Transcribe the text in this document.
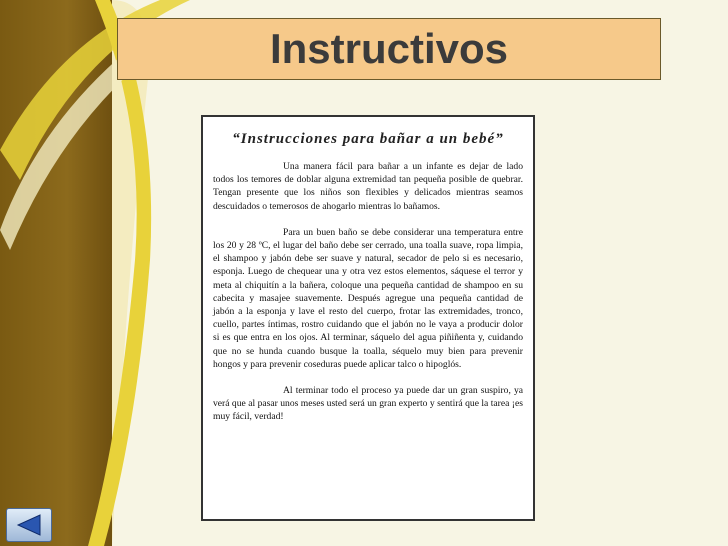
Instructivos
“Instrucciones para bañar a un bebé”

Una manera fácil para bañar a un infante es dejar de lado todos los temores de doblar alguna extremidad tan pequeña posible de quebrar. Tengan presente que los niños son flexibles y delicados mientras seamos descuidados o temerosos de ahogarlo mientras lo bañamos.

Para un buen baño se debe considerar una temperatura entre los 20 y 28 ºC, el lugar del baño debe ser cerrado, una toalla suave, ropa limpia, el shampoo y jabón debe ser suave y natural, secador de pelo si es necesario, esponja. Luego de chequear una y otra vez estos elementos, sáquese el terror y meta al chiquitín a la bañera, coloque una pequeña cantidad de shampoo en su cabecita y masajee suavemente. Después agregue una pequeña cantidad de jabón a la esponja y lave el resto del cuerpo, frotar las extremidades, tronco, cuello, partes íntimas, rostro cuidando que el jabón no le vaya a producir dolor si es que entra en los ojos. Al terminar, sáquelo del agua piñiñenta y, cuidando que no se hunda cuando busque la toalla, séquelo muy bien para prevenir hongos y para prevenir coseduras puede aplicar talco o hipoglós.

Al terminar todo el proceso ya puede dar un gran suspiro, ya verá que al pasar unos meses usted será un gran experto y sentirá que la tarea ¡es muy fácil, verdad!
